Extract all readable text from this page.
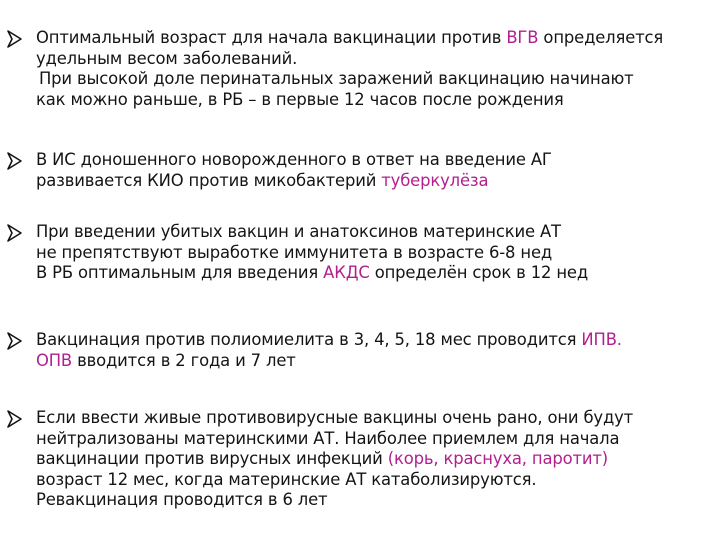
Оптимальный возраст для начала вакцинации против ВГВ определяется
удельным весом заболеваний.
При высокой доле перинатальных заражений вакцинацию начинают
как можно раньше, в РБ – в первые 12 часов после рождения
В ИС доношенного новорожденного в ответ на введение АГ
развивается КИО против микобактерий туберкулёза
При введении убитых вакцин и анатоксинов материнские АТ
не препятствуют выработке иммунитета в возрасте 6-8 нед
В РБ оптимальным для введения АКДС определён срок в 12 нед
Вакцинация против полиомиелита в 3, 4, 5, 18 мес проводится ИПВ.
ОПВ вводится в 2 года и 7 лет
Если ввести живые противовирусные вакцины очень рано, они будут
нейтрализованы материнскими АТ. Наиболее приемлем для начала
вакцинации против вирусных инфекций (корь, краснуха, паротит)
возраст 12 мес, когда материнские АТ катаболизируются.
Ревакцинация проводится в 6 лет
